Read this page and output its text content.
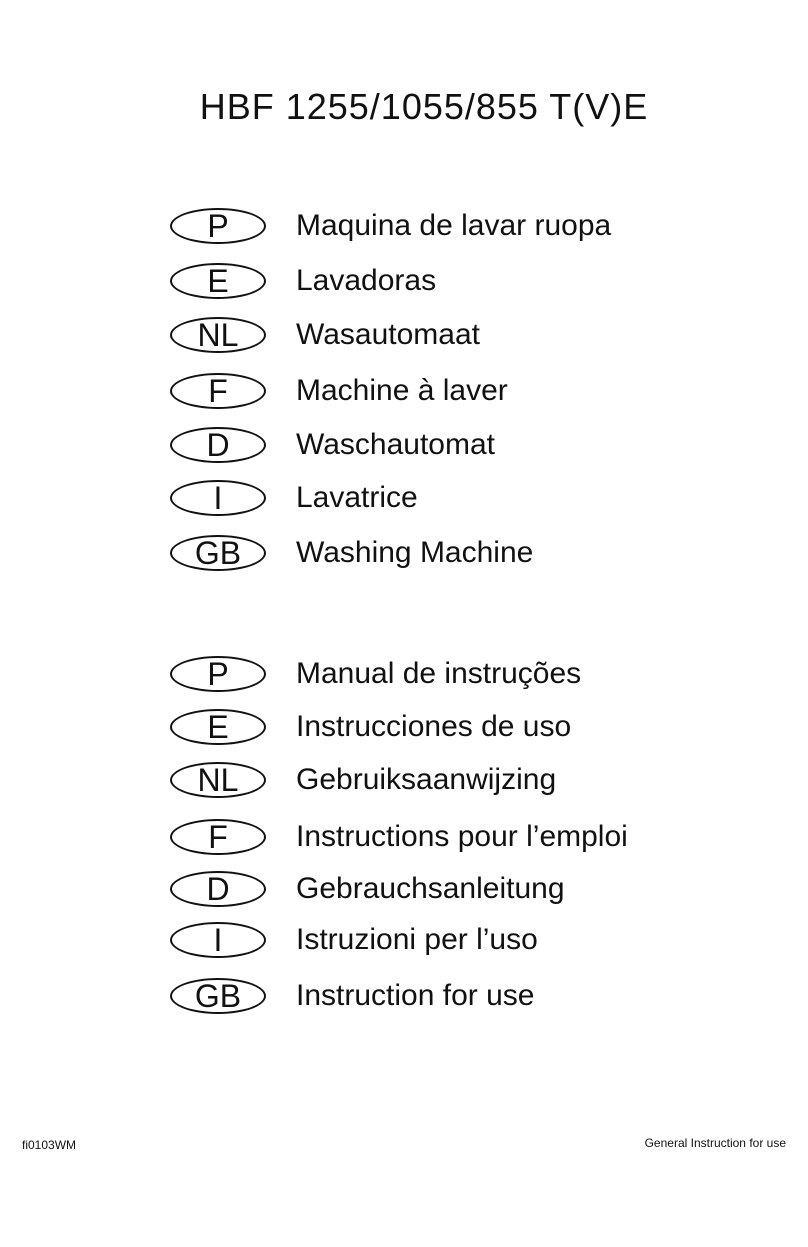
HBF 1255/1055/855 T(V)E
P	Maquina de lavar ruopa
E	Lavadoras
NL	Wasautomaat
F	Machine à laver
D	Waschautomat
I	Lavatrice
GB	Washing Machine
P	Manual de instruções
E	Instrucciones de uso
NL	Gebruiksaanwijzing
F	Instructions pour l’emploi
D	Gebrauchsanleitung
I	Istruzioni per l’uso
GB	Instruction for use
fi0103WM	General Instruction for use
